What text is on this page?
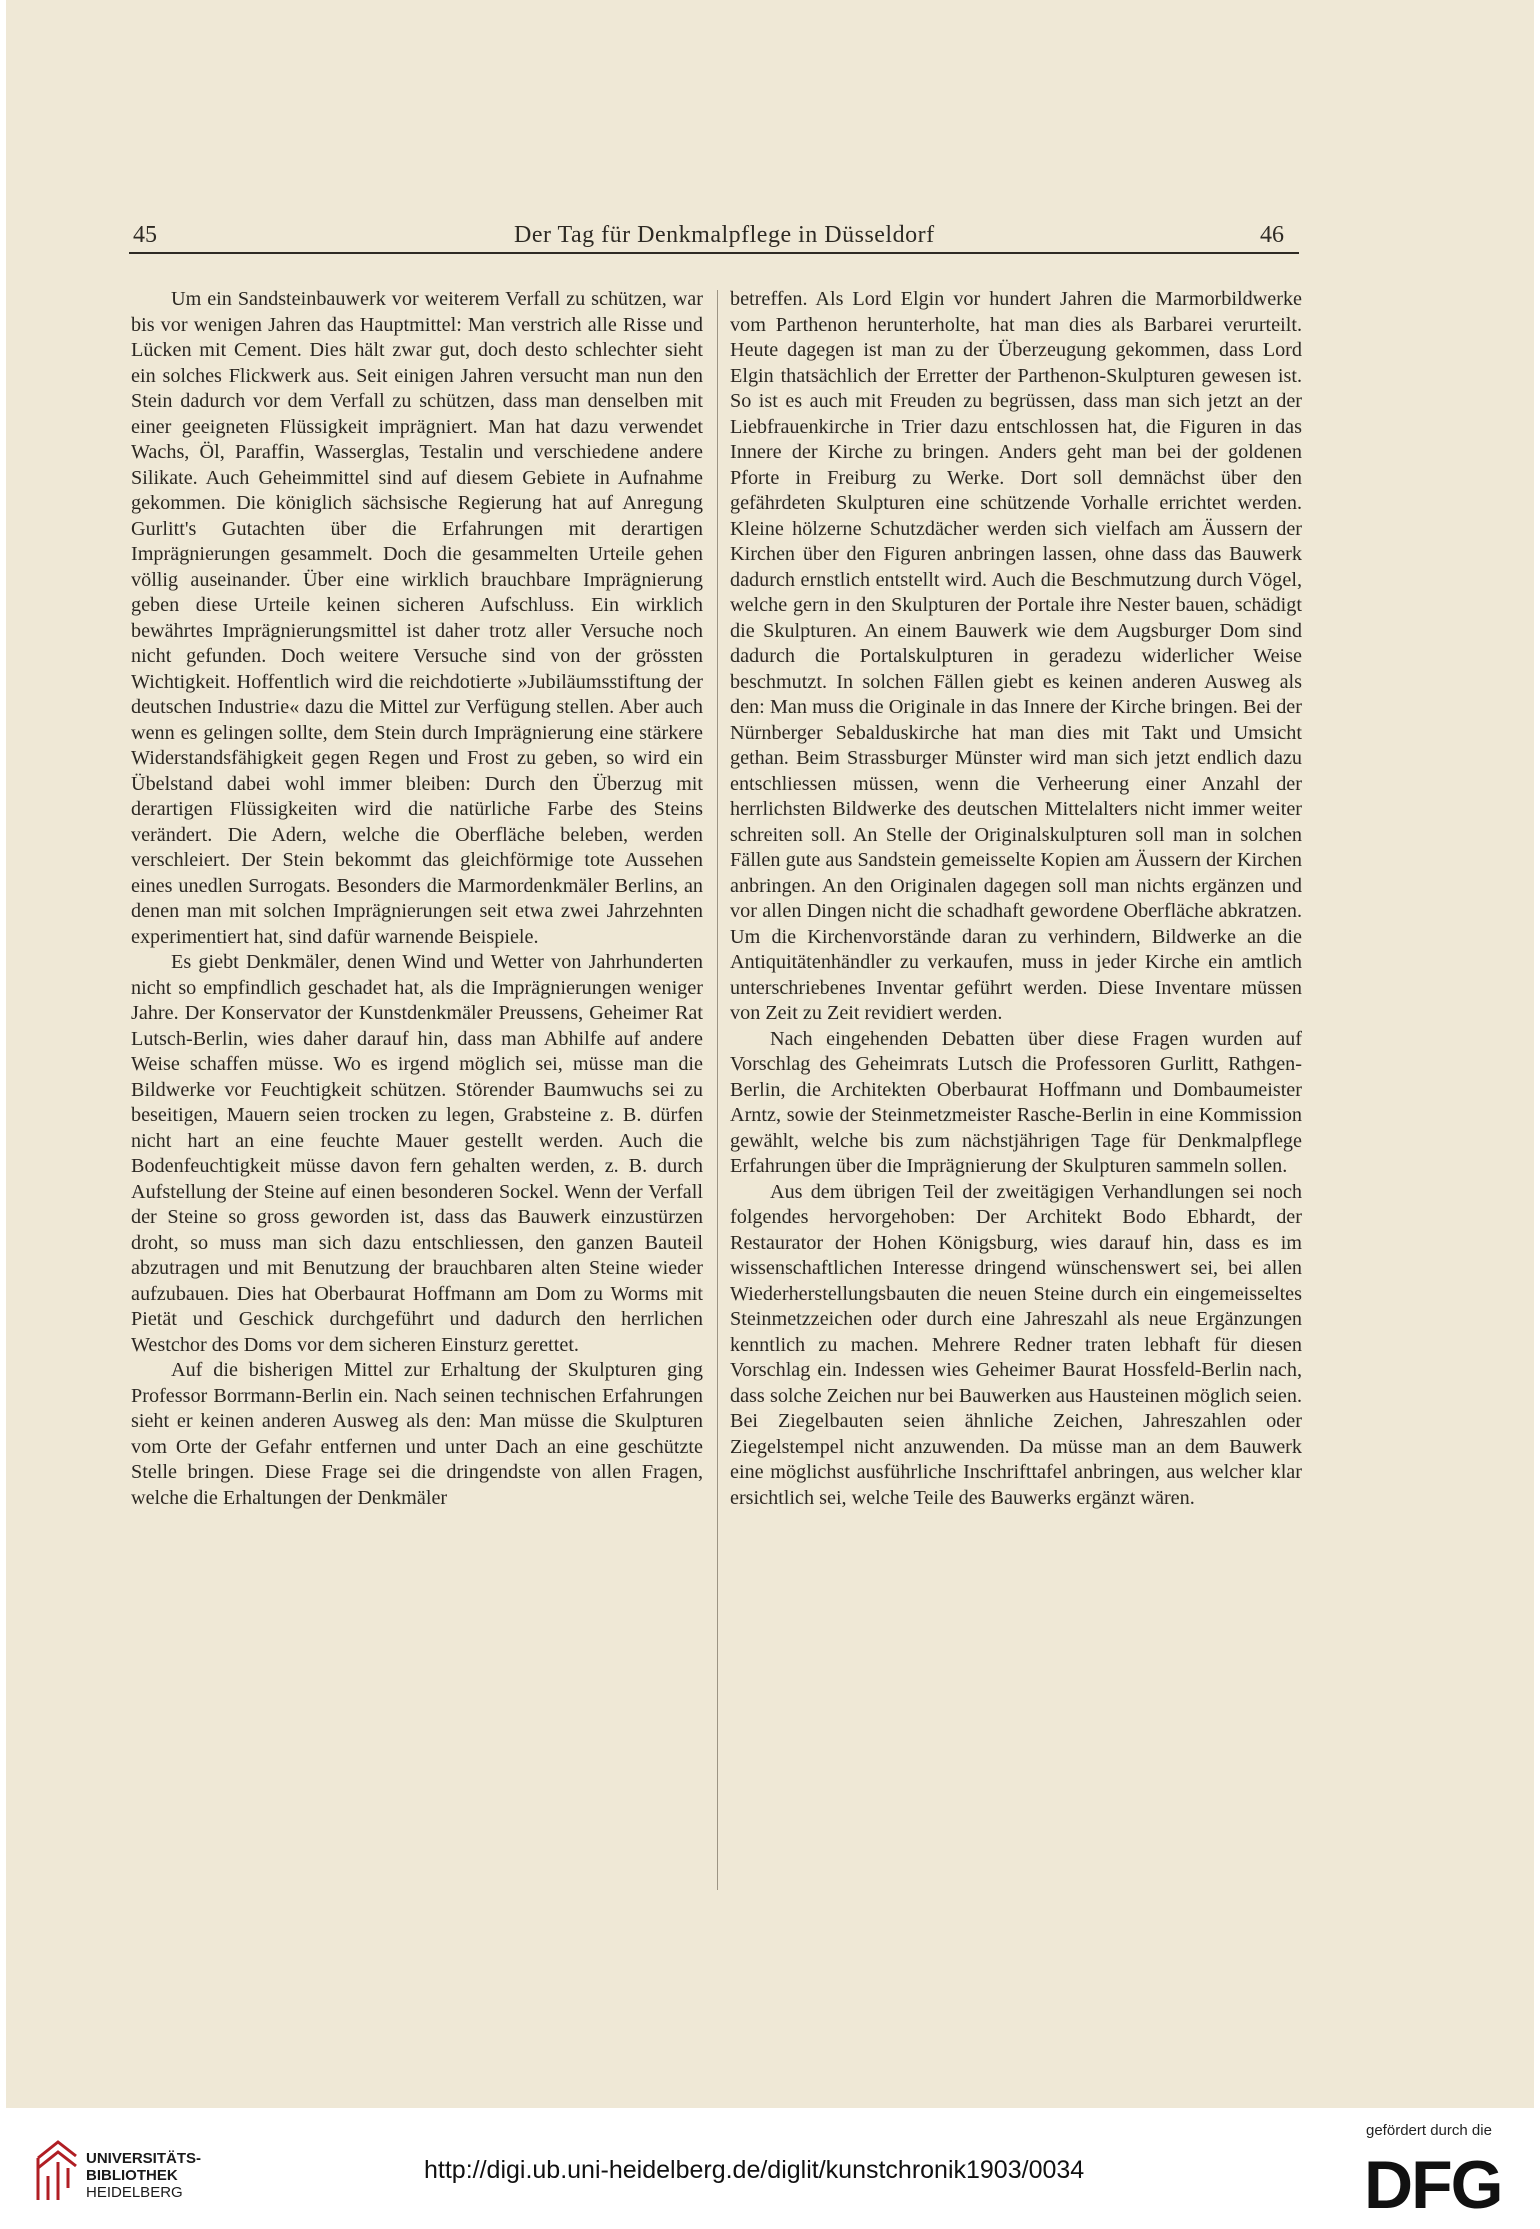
45	Der Tag für Denkmalpflege in Düsseldorf	46

Um ein Sandsteinbauwerk vor weiterem Verfall zu schützen, war bis vor wenigen Jahren das Hauptmittel: Man verstrich alle Risse und Lücken mit Cement. Dies hält zwar gut, doch desto schlechter sieht ein solches Flickwerk aus. Seit einigen Jahren versucht man nun den Stein dadurch vor dem Verfall zu schützen, dass man denselben mit einer geeigneten Flüssigkeit imprägniert. Man hat dazu verwendet Wachs, Öl, Paraffin, Wasserglas, Testalin und verschiedene andere Silikate. Auch Geheimmittel sind auf diesem Gebiete in Aufnahme gekommen. Die königlich sächsische Regierung hat auf Anregung Gurlitt's Gutachten über die Erfahrungen mit derartigen Imprägnierungen gesammelt. Doch die gesammelten Urteile gehen völlig auseinander. Über eine wirklich brauchbare Imprägnierung geben diese Urteile keinen sicheren Aufschluss. Ein wirklich bewährtes Imprägnierungsmittel ist daher trotz aller Versuche noch nicht gefunden. Doch weitere Versuche sind von der grössten Wichtigkeit. Hoffentlich wird die reichdotierte »Jubiläumsstiftung der deutschen Industrie« dazu die Mittel zur Verfügung stellen. Aber auch wenn es gelingen sollte, dem Stein durch Imprägnierung eine stärkere Widerstandsfähigkeit gegen Regen und Frost zu geben, so wird ein Übelstand dabei wohl immer bleiben: Durch den Überzug mit derartigen Flüssigkeiten wird die natürliche Farbe des Steins verändert. Die Adern, welche die Oberfläche beleben, werden verschleiert. Der Stein bekommt das gleichförmige tote Aussehen eines unedlen Surrogats. Besonders die Marmordenkmäler Berlins, an denen man mit solchen Imprägnierungen seit etwa zwei Jahrzehnten experimentiert hat, sind dafür warnende Beispiele.

Es giebt Denkmäler, denen Wind und Wetter von Jahrhunderten nicht so empfindlich geschadet hat, als die Imprägnierungen weniger Jahre. Der Konservator der Kunstdenkmäler Preussens, Geheimer Rat Lutsch-Berlin, wies daher darauf hin, dass man Abhilfe auf andere Weise schaffen müsse. Wo es irgend möglich sei, müsse man die Bildwerke vor Feuchtigkeit schützen. Störender Baumwuchs sei zu beseitigen, Mauern seien trocken zu legen, Grabsteine z. B. dürfen nicht hart an eine feuchte Mauer gestellt werden. Auch die Bodenfeuchtigkeit müsse davon fern gehalten werden, z. B. durch Aufstellung der Steine auf einen besonderen Sockel. Wenn der Verfall der Steine so gross geworden ist, dass das Bauwerk einzustürzen droht, so muss man sich dazu entschliessen, den ganzen Bauteil abzutragen und mit Benutzung der brauchbaren alten Steine wieder aufzubauen. Dies hat Oberbaurat Hoffmann am Dom zu Worms mit Pietät und Geschick durchgeführt und dadurch den herrlichen Westchor des Doms vor dem sicheren Einsturz gerettet.

Auf die bisherigen Mittel zur Erhaltung der Skulpturen ging Professor Borrmann-Berlin ein. Nach seinen technischen Erfahrungen sieht er keinen anderen Ausweg als den: Man müsse die Skulpturen vom Orte der Gefahr entfernen und unter Dach an eine geschützte Stelle bringen. Diese Frage sei die dringendste von allen Fragen, welche die Erhaltungen der Denkmäler

betreffen. Als Lord Elgin vor hundert Jahren die Marmorbildwerke vom Parthenon herunterholte, hat man dies als Barbarei verurteilt. Heute dagegen ist man zu der Überzeugung gekommen, dass Lord Elgin thatsächlich der Erretter der Parthenon-Skulpturen gewesen ist. So ist es auch mit Freuden zu begrüssen, dass man sich jetzt an der Liebfrauenkirche in Trier dazu entschlossen hat, die Figuren in das Innere der Kirche zu bringen. Anders geht man bei der goldenen Pforte in Freiburg zu Werke. Dort soll demnächst über den gefährdeten Skulpturen eine schützende Vorhalle errichtet werden. Kleine hölzerne Schutzdächer werden sich vielfach am Äussern der Kirchen über den Figuren anbringen lassen, ohne dass das Bauwerk dadurch ernstlich entstellt wird. Auch die Beschmutzung durch Vögel, welche gern in den Skulpturen der Portale ihre Nester bauen, schädigt die Skulpturen. An einem Bauwerk wie dem Augsburger Dom sind dadurch die Portalskulpturen in geradezu widerlicher Weise beschmutzt. In solchen Fällen giebt es keinen anderen Ausweg als den: Man muss die Originale in das Innere der Kirche bringen. Bei der Nürnberger Sebalduskirche hat man dies mit Takt und Umsicht gethan. Beim Strassburger Münster wird man sich jetzt endlich dazu entschliessen müssen, wenn die Verheerung einer Anzahl der herrlichsten Bildwerke des deutschen Mittelalters nicht immer weiter schreiten soll. An Stelle der Originalskulpturen soll man in solchen Fällen gute aus Sandstein gemeisselte Kopien am Äussern der Kirchen anbringen. An den Originalen dagegen soll man nichts ergänzen und vor allen Dingen nicht die schadhaft gewordene Oberfläche abkratzen. Um die Kirchenvorstände daran zu verhindern, Bildwerke an die Antiquitätenhändler zu verkaufen, muss in jeder Kirche ein amtlich unterschriebenes Inventar geführt werden. Diese Inventare müssen von Zeit zu Zeit revidiert werden.

Nach eingehenden Debatten über diese Fragen wurden auf Vorschlag des Geheimrats Lutsch die Professoren Gurlitt, Rathgen-Berlin, die Architekten Oberbaurat Hoffmann und Dombaumeister Arntz, sowie der Steinmetzmeister Rasche-Berlin in eine Kommission gewählt, welche bis zum nächstjährigen Tage für Denkmalpflege Erfahrungen über die Imprägnierung der Skulpturen sammeln sollen.

Aus dem übrigen Teil der zweitägigen Verhandlungen sei noch folgendes hervorgehoben: Der Architekt Bodo Ebhardt, der Restaurator der Hohen Königsburg, wies darauf hin, dass es im wissenschaftlichen Interesse dringend wünschenswert sei, bei allen Wiederherstellungsbauten die neuen Steine durch ein eingemeisseltes Steinmetzzeichen oder durch eine Jahreszahl als neue Ergänzungen kenntlich zu machen. Mehrere Redner traten lebhaft für diesen Vorschlag ein. Indessen wies Geheimer Baurat Hossfeld-Berlin nach, dass solche Zeichen nur bei Bauwerken aus Hausteinen möglich seien. Bei Ziegelbauten seien ähnliche Zeichen, Jahreszahlen oder Ziegelstempel nicht anzuwenden. Da müsse man an dem Bauwerk eine möglichst ausführliche Inschrifttafel anbringen, aus welcher klar ersichtlich sei, welche Teile des Bauwerks ergänzt wären.

UNIVERSITÄTS-
BIBLIOTHEK
HEIDELBERG
http://digi.ub.uni-heidelberg.de/diglit/kunstchronik1903/0034
gefördert durch die
DFG
